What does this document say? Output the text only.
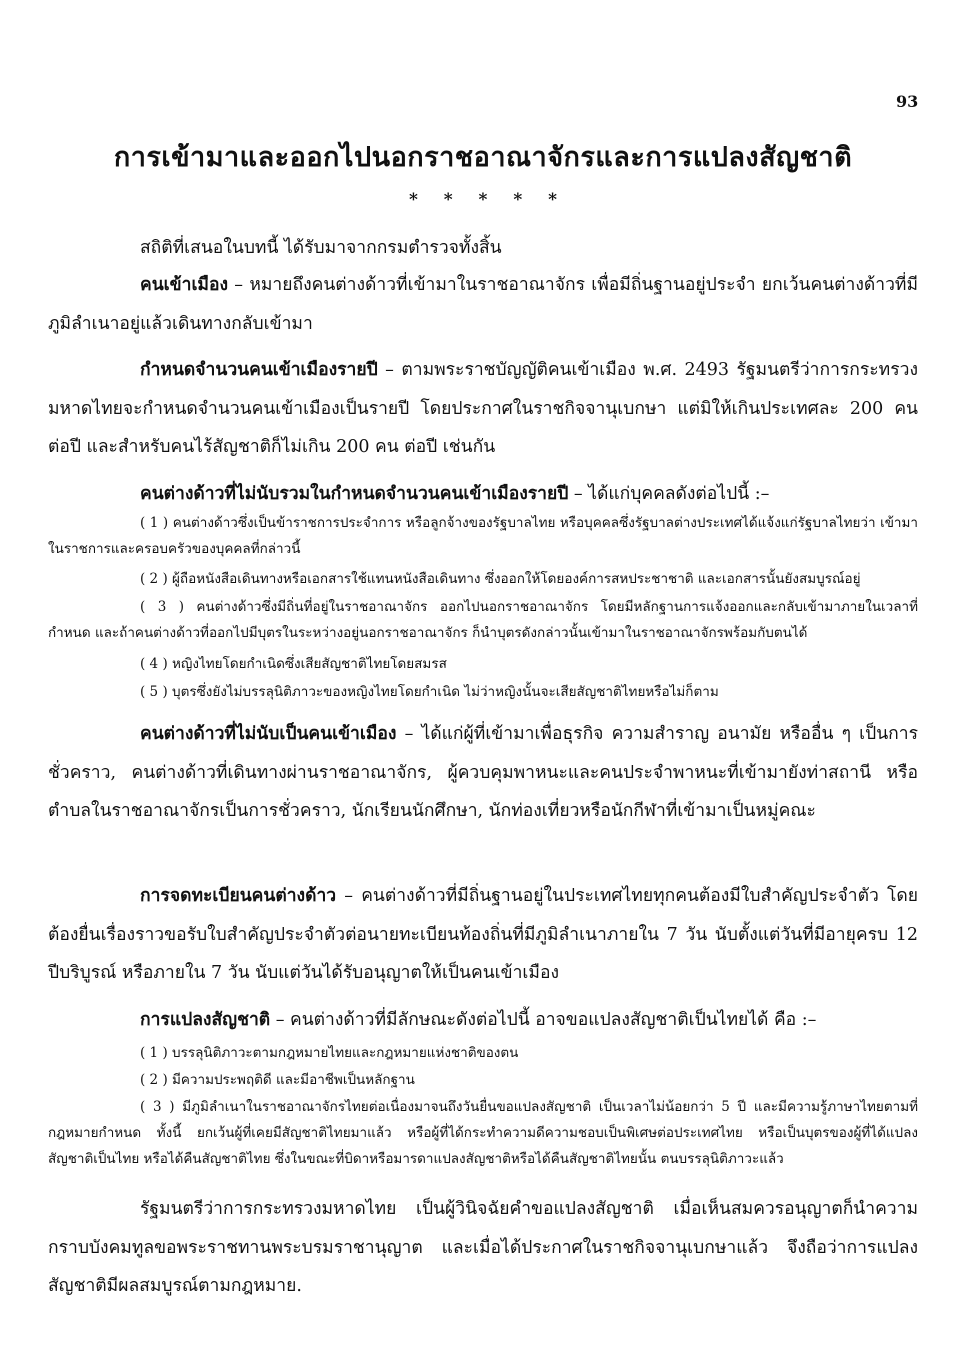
93
การเข้ามาและออกไปนอกราชอาณาจักรและการแปลงสัญชาติ
* * * * *

สถิติที่เสนอในบทนี้ ได้รับมาจากกรมตำรวจทั้งสิ้น

คนเข้าเมือง – หมายถึงคนต่างด้าวที่เข้ามาในราชอาณาจักร เพื่อมีถิ่นฐานอยู่ประจำ ยกเว้นคนต่างด้าวที่มีภูมิลำเนาอยู่แล้วเดินทางกลับเข้ามา

กำหนดจำนวนคนเข้าเมืองรายปี – ตามพระราชบัญญัติคนเข้าเมือง พ.ศ. 2493 รัฐมนตรีว่าการกระทรวงมหาดไทยจะกำหนดจำนวนคนเข้าเมืองเป็นรายปี โดยประกาศในราชกิจจานุเบกษา แต่มิให้เกินประเทศละ 200 คน ต่อปี และสำหรับคนไร้สัญชาติก็ไม่เกิน 200 คน ต่อปี เช่นกัน

คนต่างด้าวที่ไม่นับรวมในกำหนดจำนวนคนเข้าเมืองรายปี – ได้แก่บุคคลดังต่อไปนี้ :–

( 1 ) คนต่างด้าวซึ่งเป็นข้าราชการประจำการ หรือลูกจ้างของรัฐบาลไทย หรือบุคคลซึ่งรัฐบาลต่างประเทศได้แจ้งแก่รัฐบาลไทยว่า เข้ามาในราชการและครอบครัวของบุคคลที่กล่าวนี้

( 2 ) ผู้ถือหนังสือเดินทางหรือเอกสารใช้แทนหนังสือเดินทาง ซึ่งออกให้โดยองค์การสหประชาชาติ และเอกสารนั้นยังสมบูรณ์อยู่

( 3 ) คนต่างด้าวซึ่งมีถิ่นที่อยู่ในราชอาณาจักร ออกไปนอกราชอาณาจักร โดยมีหลักฐานการแจ้งออกและกลับเข้ามาภายในเวลาที่กำหนด และถ้าคนต่างด้าวที่ออกไปมีบุตรในระหว่างอยู่นอกราชอาณาจักร ก็นำบุตรดังกล่าวนั้นเข้ามาในราชอาณาจักรพร้อมกับตนได้

( 4 ) หญิงไทยโดยกำเนิดซึ่งเสียสัญชาติไทยโดยสมรส

( 5 ) บุตรซึ่งยังไม่บรรลุนิติภาวะของหญิงไทยโดยกำเนิด ไม่ว่าหญิงนั้นจะเสียสัญชาติไทยหรือไม่ก็ตาม

คนต่างด้าวที่ไม่นับเป็นคนเข้าเมือง – ได้แก่ผู้ที่เข้ามาเพื่อธุรกิจ ความสำราญ อนามัย หรืออื่น ๆ เป็นการชั่วคราว, คนต่างด้าวที่เดินทางผ่านราชอาณาจักร, ผู้ควบคุมพาหนะและคนประจำพาหนะที่เข้ามายังท่าสถานี หรือตำบลในราชอาณาจักรเป็นการชั่วคราว, นักเรียนนักศึกษา, นักท่องเที่ยวหรือนักกีฬาที่เข้ามาเป็นหมู่คณะ

การจดทะเบียนคนต่างด้าว – คนต่างด้าวที่มีถิ่นฐานอยู่ในประเทศไทยทุกคนต้องมีใบสำคัญประจำตัว โดยต้องยื่นเรื่องราวขอรับใบสำคัญประจำตัวต่อนายทะเบียนท้องถิ่นที่มีภูมิลำเนาภายใน 7 วัน นับตั้งแต่วันที่มีอายุครบ 12 ปีบริบูรณ์ หรือภายใน 7 วัน นับแต่วันได้รับอนุญาตให้เป็นคนเข้าเมือง

การแปลงสัญชาติ – คนต่างด้าวที่มีลักษณะดังต่อไปนี้ อาจขอแปลงสัญชาติเป็นไทยได้ คือ :–

( 1 ) บรรลุนิติภาวะตามกฎหมายไทยและกฎหมายแห่งชาติของตน

( 2 ) มีความประพฤติดี และมีอาชีพเป็นหลักฐาน

( 3 ) มีภูมิลำเนาในราชอาณาจักรไทยต่อเนื่องมาจนถึงวันยื่นขอแปลงสัญชาติ เป็นเวลาไม่น้อยกว่า 5 ปี และมีความรู้ภาษาไทยตามที่กฎหมายกำหนด ทั้งนี้ ยกเว้นผู้ที่เคยมีสัญชาติไทยมาแล้ว หรือผู้ที่ได้กระทำความดีความชอบเป็นพิเศษต่อประเทศไทย หรือเป็นบุตรของผู้ที่ได้แปลงสัญชาติเป็นไทย หรือได้คืนสัญชาติไทย ซึ่งในขณะที่บิดาหรือมารดาแปลงสัญชาติหรือได้คืนสัญชาติไทยนั้น ตนบรรลุนิติภาวะแล้ว

รัฐมนตรีว่าการกระทรวงมหาดไทย เป็นผู้วินิจฉัยคำขอแปลงสัญชาติ เมื่อเห็นสมควรอนุญาตก็นำความกราบบังคมทูลขอพระราชทานพระบรมราชานุญาต และเมื่อได้ประกาศในราชกิจจานุเบกษาแล้ว จึงถือว่าการแปลงสัญชาติมีผลสมบูรณ์ตามกฎหมาย.
